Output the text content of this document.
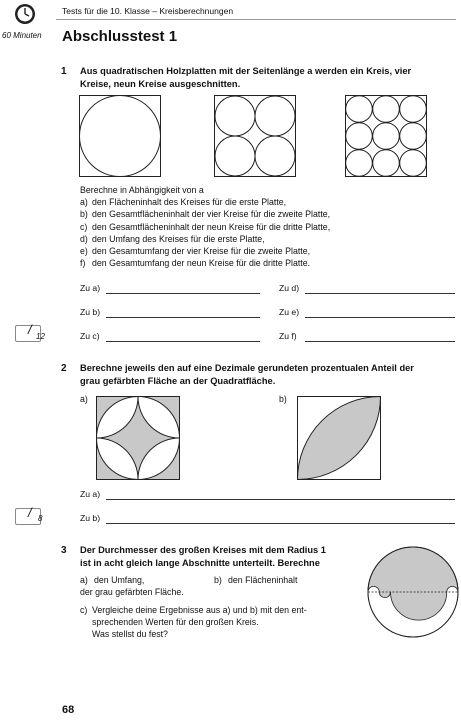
Tests für die 10. Klasse – Kreisberechnungen
60 Minuten Abschlusstest 1
1 Aus quadratischen Holzplatten mit der Seitenlänge a werden ein Kreis, vier
Kreise, neun Kreise ausgeschnitten.
Berechne in Abhängigkeit von a
a) den Flächeninhalt des Kreises für die erste Platte,
b) den Gesamtflächeninhalt der vier Kreise für die zweite Platte,
c) den Gesamtflächeninhalt der neun Kreise für die dritte Platte,
d) den Umfang des Kreises für die erste Platte,
e) den Gesamtumfang der vier Kreise für die zweite Platte,
f) den Gesamtumfang der neun Kreise für die dritte Platte.
Zu a)
Zu b)
Zu c)
Zu d)
Zu e)
Zu f)
/ 12
2 Berechne jeweils den auf eine Dezimale gerundeten prozentualen Anteil der
grau gefärbten Fläche an der Quadratfläche.
a)	b)
Zu a)
Zu b)
/ 8
3 Der Durchmesser des großen Kreises mit dem Radius 1
ist in acht gleich lange Abschnitte unterteilt. Berechne
a) den Umfang,	b) den Flächeninhalt
der grau gefärbten Fläche.
c) Vergleiche deine Ergebnisse aus a) und b) mit den ent-
sprechenden Werten für den großen Kreis.
Was stellst du fest?
68
